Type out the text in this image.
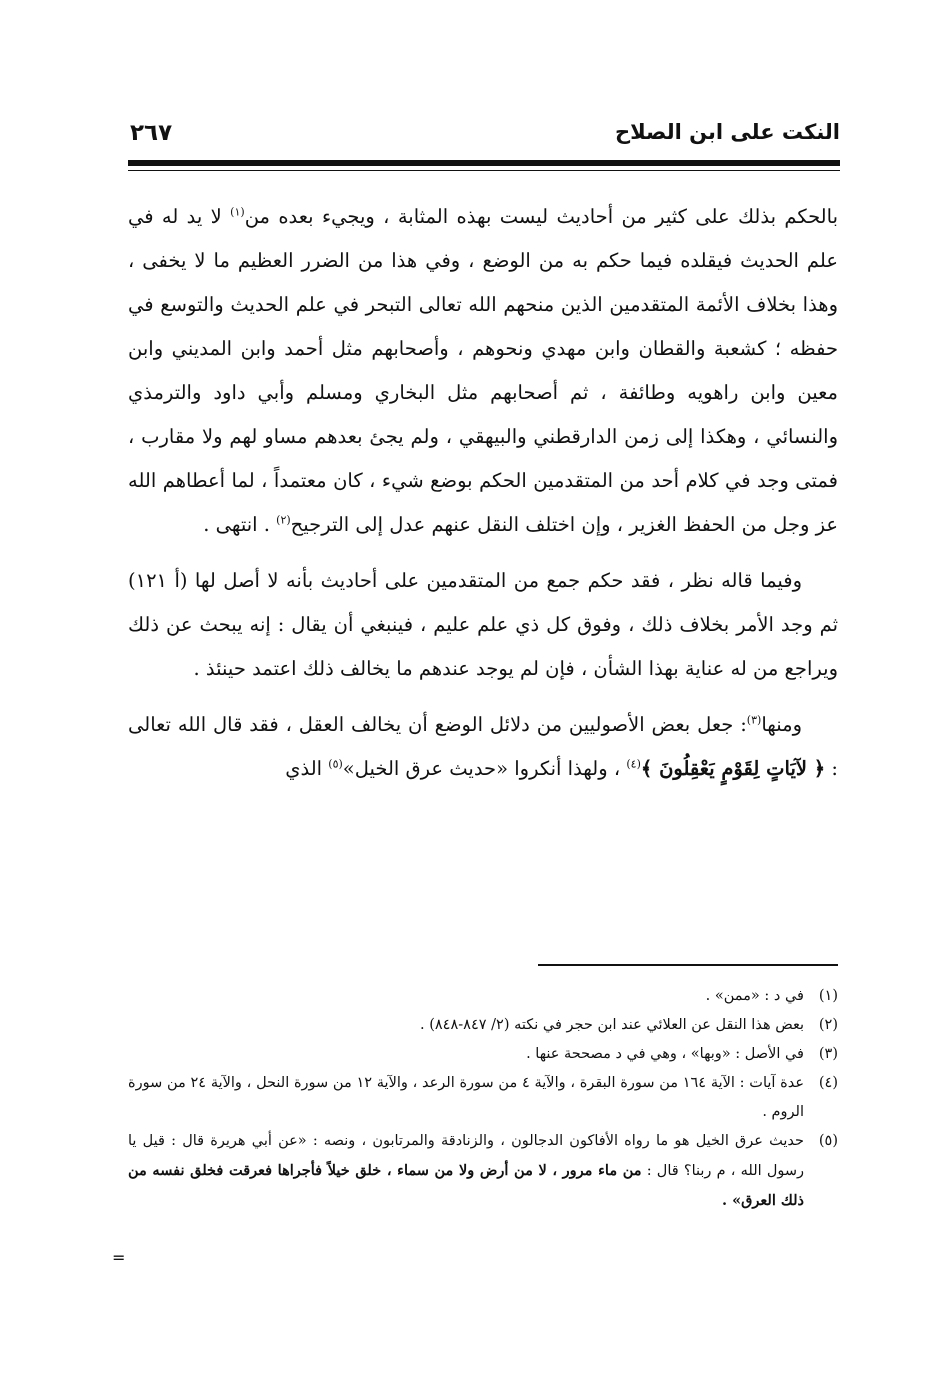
النكت على ابن الصلاح
٢٦٧

بالحكم بذلك على كثير من أحاديث ليست بهذه المثابة ، ويجيء بعده من$^{(١)}$ لا يد له في علم الحديث فيقلده فيما حكم به من الوضع ، وفي هذا من الضرر العظيم ما لا يخفى ، وهذا بخلاف الأئمة المتقدمين الذين منحهم الله تعالى التبحر في علم الحديث والتوسع في حفظه ؛ كشعبة والقطان وابن مهدي ونحوهم ، وأصحابهم مثل أحمد وابن المديني وابن معين وابن راهويه وطائفة ، ثم أصحابهم مثل البخاري ومسلم وأبي داود والترمذي والنسائي ، وهكذا إلى زمن الدارقطني والبيهقي ، ولم يجئ بعدهم مساو لهم ولا مقارب ، فمتى وجد في كلام أحد من المتقدمين الحكم بوضع شيء ، كان معتمداً ، لما أعطاهم الله عز وجل من الحفظ الغزير ، وإن اختلف النقل عنهم عدل إلى الترجيح$^{(٢)}$ . انتهى .

وفيما قاله نظر ، فقد حكم جمع من المتقدمين على أحاديث بأنه لا أصل لها (أ ١٢١) ثم وجد الأمر بخلاف ذلك ، وفوق كل ذي علم عليم ، فينبغي أن يقال : إنه يبحث عن ذلك ويراجع من له عناية بهذا الشأن ، فإن لم يوجد عندهم ما يخالف ذلك اعتمد حينئذ .

ومنها$^{(٣)}$: جعل بعض الأصوليين من دلائل الوضع أن يخالف العقل ، فقد قال الله تعالى : ﴿ لآيَاتٍ لِقَوْمٍ يَعْقِلُونَ ﴾$^{(٤)}$ ، ولهذا أنكروا «حديث عرق الخيل»$^{(٥)}$ الذي

(١)
في د : «ممن» .
(٢)
بعض هذا النقل عن العلائي عند ابن حجر في نكته (٢/ ٨٤٧-٨٤٨) .
(٣)
في الأصل : «وبها» ، وهي في د مصححة عنها .
(٤)
عدة آيات : الآية ١٦٤ من سورة البقرة ، والآية ٤ من سورة الرعد ، والآية ١٢ من سورة النحل ، والآية ٢٤ من سورة الروم .
(٥)
حديث عرق الخيل هو ما رواه الأفاكون الدجالون ، والزنادقة والمرتابون ، ونصه : «عن أبي هريرة قال : قيل يا رسول الله ، م ربنا؟ قال : من ماء مرور ، لا من أرض ولا من سماء ، خلق خيلاً فأجراها فعرقت فخلق نفسه من ذلك العرق» .
=
